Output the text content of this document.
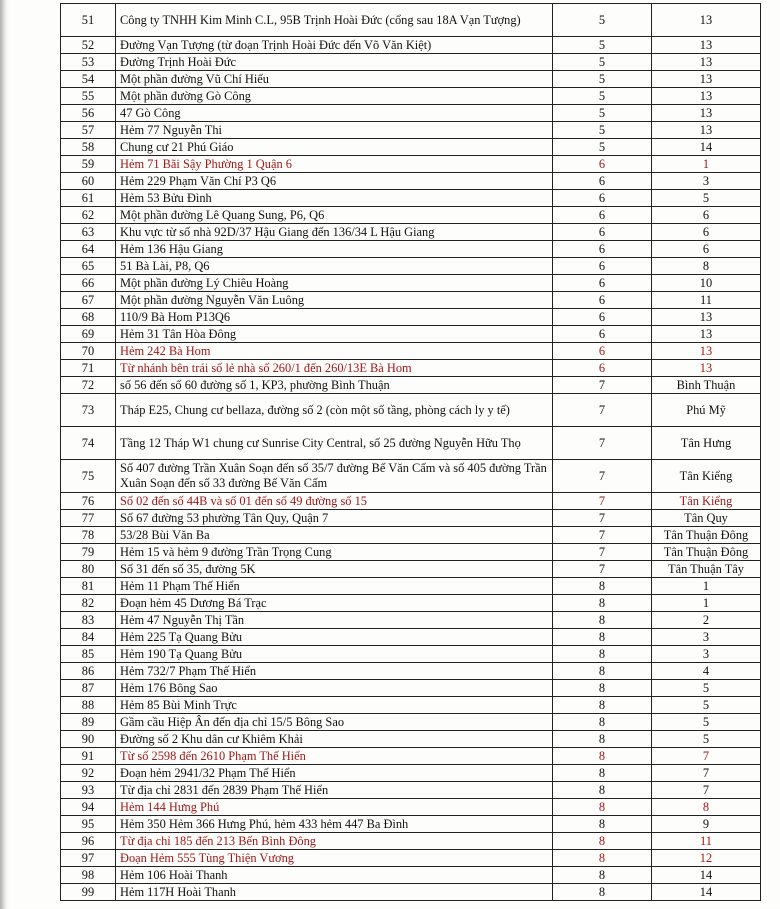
51	Công ty TNHH Kim Minh C.L, 95B Trịnh Hoài Đức (cổng sau 18A Vạn Tượng)	5	13
52	Đường Vạn Tượng (từ đoạn Trịnh Hoài Đức đến Võ Văn Kiệt)	5	13
53	Đường Trịnh Hoài Đức	5	13
54	Một phần đường Vũ Chí Hiếu	5	13
55	Một phần đường Gò Công	5	13
56	47 Gò Công	5	13
57	Hẻm 77 Nguyễn Thi	5	13
58	Chung cư 21 Phú Giáo	5	14
59	Hẻm 71 Bãi Sậy Phường 1 Quận 6	6	1
60	Hẻm 229 Phạm Văn Chí P3 Q6	6	3
61	Hẻm 53 Bửu Đình	6	5
62	Một phần đường Lê Quang Sung, P6, Q6	6	6
63	Khu vực từ số nhà 92D/37 Hậu Giang đến 136/34 L Hậu Giang	6	6
64	Hẻm 136 Hậu Giang	6	6
65	51 Bà Lài, P8, Q6	6	8
66	Một phần đường Lý Chiêu Hoàng	6	10
67	Một phần đường Nguyễn Văn Luông	6	11
68	110/9 Bà Hom P13Q6	6	13
69	Hẻm 31 Tân Hòa Đông	6	13
70	Hẻm 242 Bà Hom	6	13
71	Từ nhánh bên trái số lẻ nhà số 260/1 đến 260/13E Bà Hom	6	13
72	số 56 đến số 60 đường số 1, KP3, phường Bình Thuận	7	Bình Thuận
73	Tháp E25, Chung cư bellaza, đường số 2 (còn một số tầng, phòng cách ly y tế)	7	Phú Mỹ
74	Tầng 12 Tháp W1 chung cư Sunrise City Central, số 25 đường Nguyễn Hữu Thọ	7	Tân Hưng
75	Số 407 đường Trần Xuân Soạn đến số 35/7 đường Bế Văn Cấm và số 405 đường Trần Xuân Soạn đến số 33 đường Bế Văn Cấm	7	Tân Kiểng
76	Số 02 đến số 44B và số 01 đến số 49 đường số 15	7	Tân Kiểng
77	Số 67 đường 53 phường Tân Quy, Quận 7	7	Tân Quy
78	53/28 Bùi Văn Ba	7	Tân Thuận Đông
79	Hẻm 15 và hẻm 9 đường Trần Trọng Cung	7	Tân Thuận Đông
80	Số 31 đến số 35, đường 5K	7	Tân Thuận Tây
81	Hẻm 11 Phạm Thế Hiển	8	1
82	Đoạn hẻm 45 Dương Bá Trạc	8	1
83	Hẻm 47 Nguyễn Thị Tần	8	2
84	Hẻm 225 Tạ Quang Bửu	8	3
85	Hẻm 190 Tạ Quang Bửu	8	3
86	Hẻm 732/7 Phạm Thế Hiển	8	4
87	Hẻm 176 Bông Sao	8	5
88	Hẻm 85 Bùi Minh Trực	8	5
89	Gầm cầu Hiệp Ân đến địa chỉ 15/5 Bông Sao	8	5
90	Đường số 2 Khu dân cư Khiêm Khải	8	5
91	Từ số 2598 đến 2610 Phạm Thế Hiển	8	7
92	Đoạn hẻm 2941/32 Phạm Thế Hiển	8	7
93	Từ địa chỉ 2831 đến 2839 Phạm Thế Hiển	8	7
94	Hẻm 144 Hưng Phú	8	8
95	Hẻm 350 Hẻm 366 Hưng Phú, hẻm 433 hẻm 447 Ba Đình	8	9
96	Từ địa chỉ 185 đến 213 Bến Bình Đông	8	11
97	Đoạn Hẻm 555 Tùng Thiện Vương	8	12
98	Hẻm 106 Hoài Thanh	8	14
99	Hẻm 117H Hoài Thanh	8	14
